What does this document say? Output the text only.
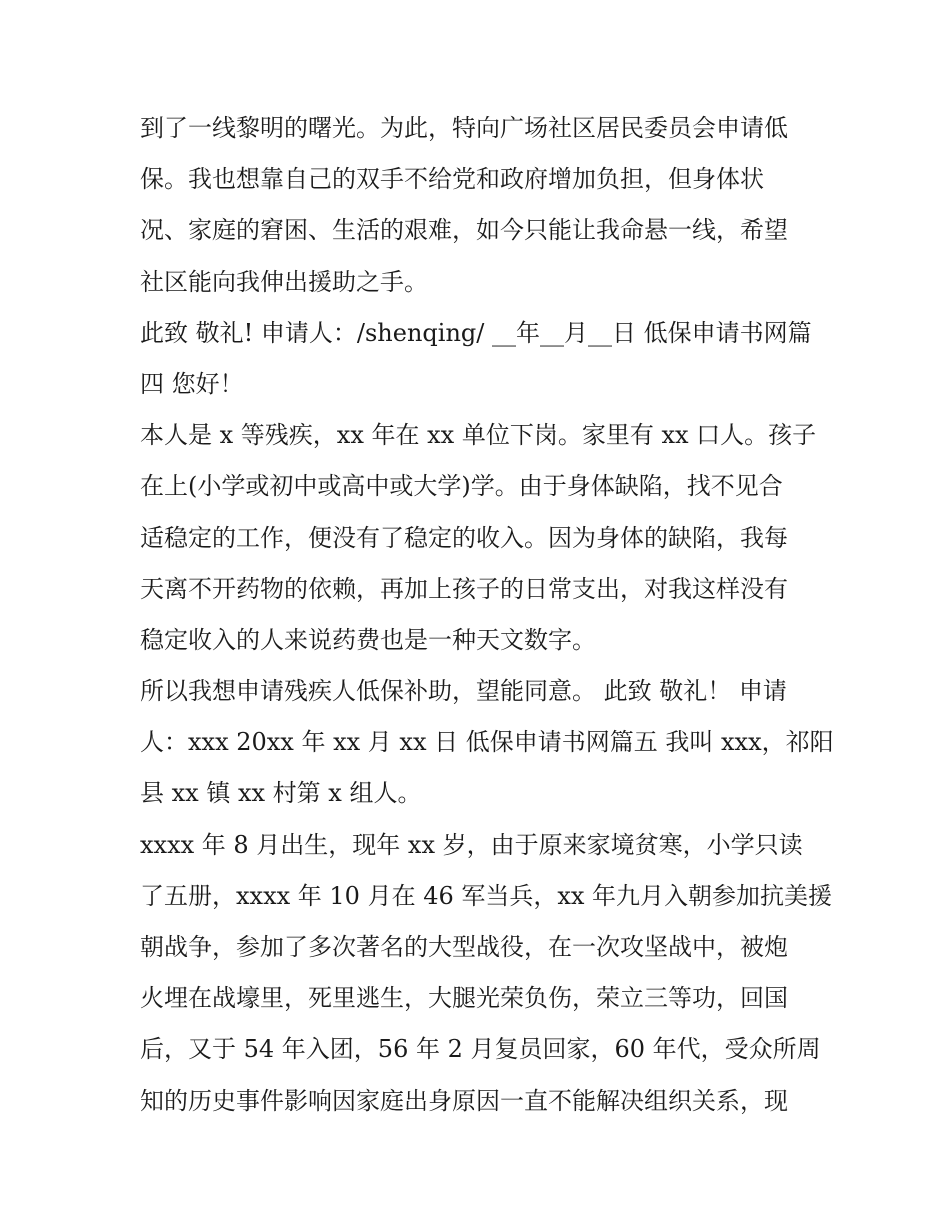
到了一线黎明的曙光。为此，特向广场社区居民委员会申请低
保。我也想靠自己的双手不给党和政府增加负担，但身体状
况、家庭的窘困、生活的艰难，如今只能让我命悬一线，希望
社区能向我伸出援助之手。
此致 敬礼! 申请人：/shenqing/ __年__月__日 低保申请书网篇
四 您好！
本人是 x 等残疾，xx 年在 xx 单位下岗。家里有 xx 口人。孩子
在上(小学或初中或高中或大学)学。由于身体缺陷，找不见合
适稳定的工作，便没有了稳定的收入。因为身体的缺陷，我每
天离不开药物的依赖，再加上孩子的日常支出，对我这样没有
稳定收入的人来说药费也是一种天文数字。
所以我想申请残疾人低保补助，望能同意。 此致 敬礼！ 申请
人：xxx 20xx 年 xx 月 xx 日 低保申请书网篇五 我叫 xxx，祁阳
县 xx 镇 xx 村第 x 组人。
xxxx 年 8 月出生，现年 xx 岁，由于原来家境贫寒，小学只读
了五册，xxxx 年 10 月在 46 军当兵，xx 年九月入朝参加抗美援
朝战争，参加了多次著名的大型战役，在一次攻坚战中，被炮
火埋在战壕里，死里逃生，大腿光荣负伤，荣立三等功，回国
后，又于 54 年入团，56 年 2 月复员回家，60 年代，受众所周
知的历史事件影响因家庭出身原因一直不能解决组织关系，现
